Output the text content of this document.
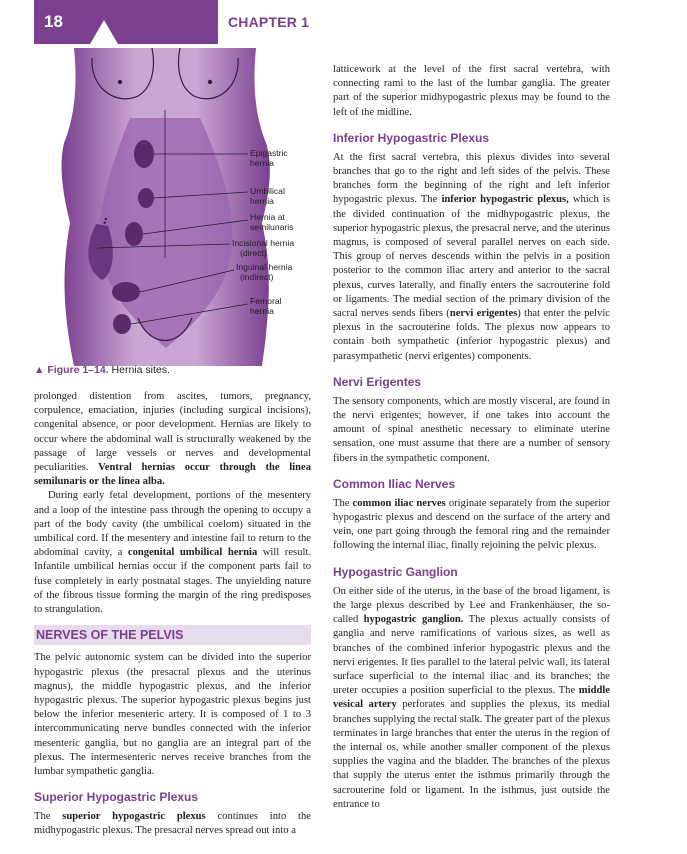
18	CHAPTER 1
Epigastric
hernia
Umbilical
hernia
Hernia at
semilunaris
Incisional hernia
(direct)
Inguinal hernia
(indirect)
Femoral
hernia
▲ Figure 1–14. Hernia sites.

prolonged distention from ascites, tumors, pregnancy, corpulence, emaciation, injuries (including surgical incisions), congenital absence, or poor development. Hernias are likely to occur where the abdominal wall is structurally weakened by the passage of large vessels or nerves and developmental peculiarities. Ventral hernias occur through the linea semilunaris or the linea alba.

During early fetal development, portions of the mesentery and a loop of the intestine pass through the opening to occupy a part of the body cavity (the umbilical coelom) situated in the umbilical cord. If the mesentery and intestine fail to return to the abdominal cavity, a congenital umbilical hernia will result. Infantile umbilical hernias occur if the component parts fail to fuse completely in early postnatal stages. The unyielding nature of the fibrous tissue forming the margin of the ring predisposes to strangulation.

NERVES OF THE PELVIS

The pelvic autonomic system can be divided into the superior hypogastric plexus (the presacral plexus and the uterinus magnus), the middle hypogastric plexus, and the inferior hypogastric plexus. The superior hypogastric plexus begins just below the inferior mesenteric artery. It is composed of 1 to 3 intercommunicating nerve bundles connected with the inferior mesenteric ganglia, but no ganglia are an integral part of the plexus. The intermesenteric nerves receive branches from the lumbar sympathetic ganglia.

Superior Hypogastric Plexus

The superior hypogastric plexus continues into the midhypogastric plexus. The presacral nerves spread out into a

latticework at the level of the first sacral vertebra, with connecting rami to the last of the lumbar ganglia. The greater part of the superior midhypogastric plexus may be found to the left of the midline.

Inferior Hypogastric Plexus

At the first sacral vertebra, this plexus divides into several branches that go to the right and left sides of the pelvis. These branches form the beginning of the right and left inferior hypogastric plexus. The inferior hypogastric plexus, which is the divided continuation of the midhypogastric plexus, the superior hypogastric plexus, the presacral nerve, and the uterinus magnus, is composed of several parallel nerves on each side. This group of nerves descends within the pelvis in a position posterior to the common iliac artery and anterior to the sacral plexus, curves laterally, and finally enters the sacrouterine fold or ligaments. The medial section of the primary division of the sacral nerves sends fibers (nervi erigentes) that enter the pelvic plexus in the sacrouterine folds. The plexus now appears to contain both sympathetic (inferior hypogastric plexus) and parasympathetic (nervi erigentes) components.

Nervi Erigentes

The sensory components, which are mostly visceral, are found in the nervi erigentes; however, if one takes into account the amount of spinal anesthetic necessary to eliminate uterine sensation, one must assume that there are a number of sensory fibers in the sympathetic component.

Common Iliac Nerves

The common iliac nerves originate separately from the superior hypogastric plexus and descend on the surface of the artery and vein, one part going through the femoral ring and the remainder following the internal iliac, finally rejoining the pelvic plexus.

Hypogastric Ganglion

On either side of the uterus, in the base of the broad ligament, is the large plexus described by Lee and Frankenhäuser, the so-called hypogastric ganglion. The plexus actually consists of ganglia and nerve ramifications of various sizes, as well as branches of the combined inferior hypogastric plexus and the nervi erigentes. It lies parallel to the lateral pelvic wall, its lateral surface superficial to the internal iliac and its branches; the ureter occupies a position superficial to the plexus. The middle vesical artery perforates and supplies the plexus, its medial branches supplying the rectal stalk. The greater part of the plexus terminates in large branches that enter the uterus in the region of the internal os, while another smaller component of the plexus supplies the vagina and the bladder. The branches of the plexus that supply the uterus enter the isthmus primarily through the sacrouterine fold or ligament. In the isthmus, just outside the entrance to
